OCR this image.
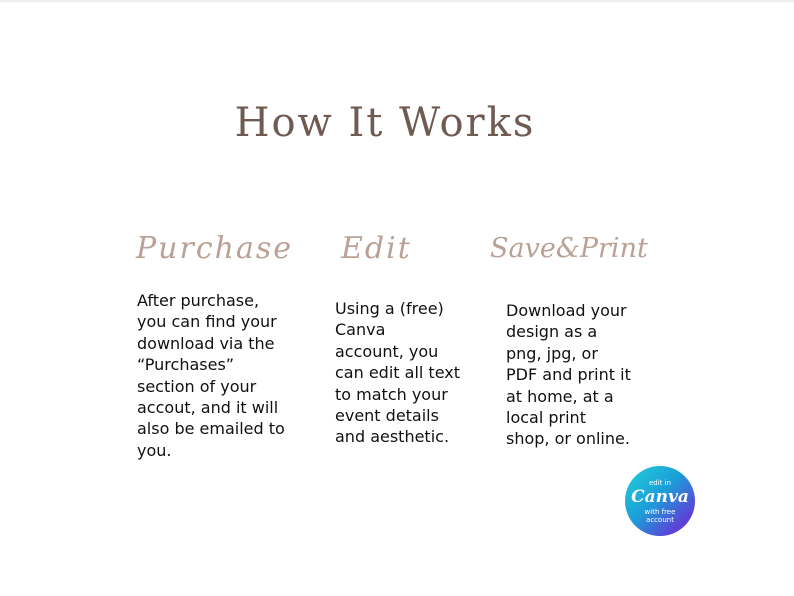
How It Works
Purchase Edit	Save&Print
After purchase,
you can find your
download via the
“Purchases”
section of your
accout, and it will
also be emailed to
you.
Using a (free)
Canva
account, you
can edit all text
to match your
event details
and aesthetic.
Download your
design as a
png, jpg, or
PDF and print it
at home, at a
local print
shop, or online.
edit in
Canva
with free
account
